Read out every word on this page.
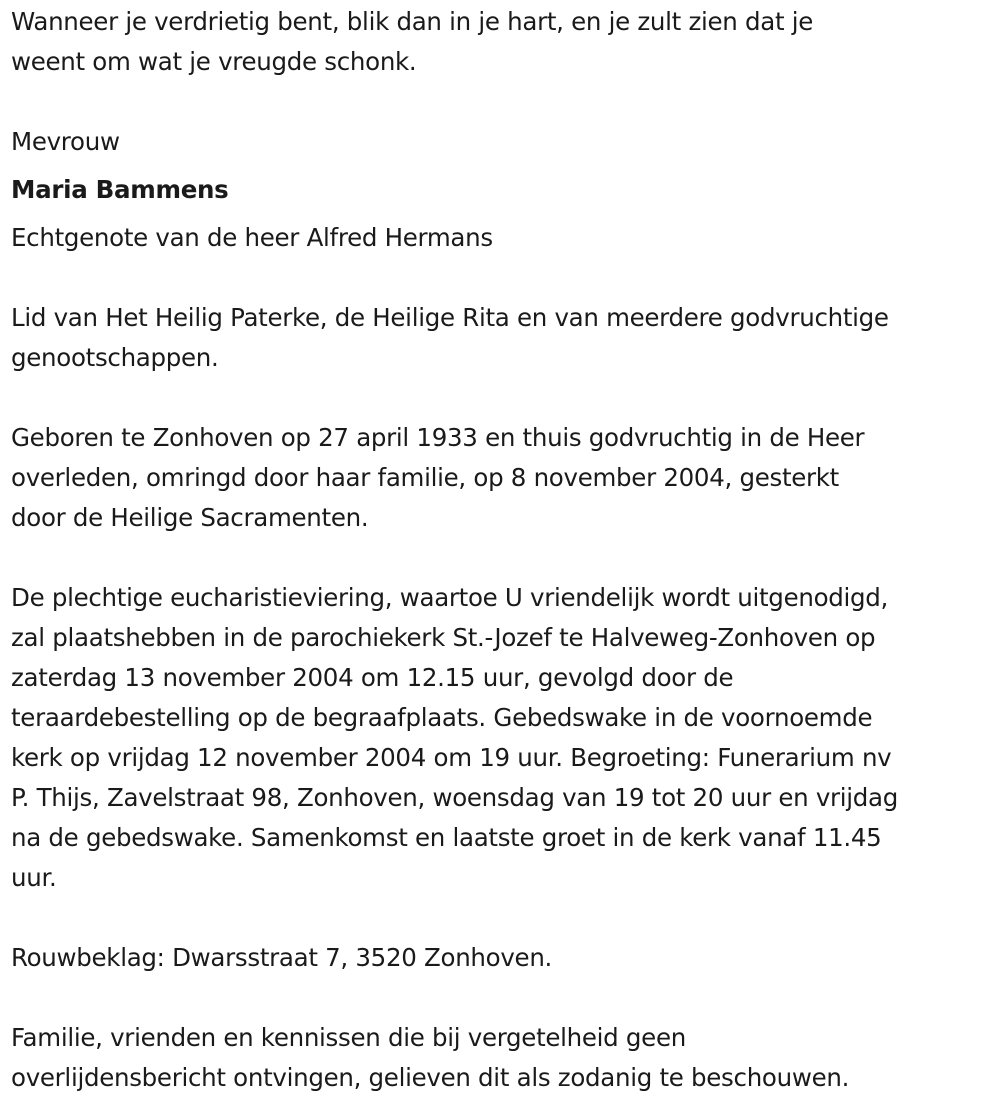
Wanneer je verdrietig bent, blik dan in je hart, en je zult zien dat je

weent om wat je vreugde schonk.

Mevrouw

Maria Bammens

Echtgenote van de heer Alfred Hermans

Lid van Het Heilig Paterke, de Heilige Rita en van meerdere godvruchtige

genootschappen.

Geboren te Zonhoven op 27 april 1933 en thuis godvruchtig in de Heer

overleden, omringd door haar familie, op 8 november 2004, gesterkt

door de Heilige Sacramenten.

De plechtige eucharistieviering, waartoe U vriendelijk wordt uitgenodigd,

zal plaatshebben in de parochiekerk St.-Jozef te Halveweg-Zonhoven op

zaterdag 13 november 2004 om 12.15 uur, gevolgd door de

teraardebestelling op de begraafplaats. Gebedswake in de voornoemde

kerk op vrijdag 12 november 2004 om 19 uur. Begroeting: Funerarium nv

P. Thijs, Zavelstraat 98, Zonhoven, woensdag van 19 tot 20 uur en vrijdag

na de gebedswake. Samenkomst en laatste groet in de kerk vanaf 11.45

uur.

Rouwbeklag: Dwarsstraat 7, 3520 Zonhoven.

Familie, vrienden en kennissen die bij vergetelheid geen

overlijdensbericht ontvingen, gelieven dit als zodanig te beschouwen.
